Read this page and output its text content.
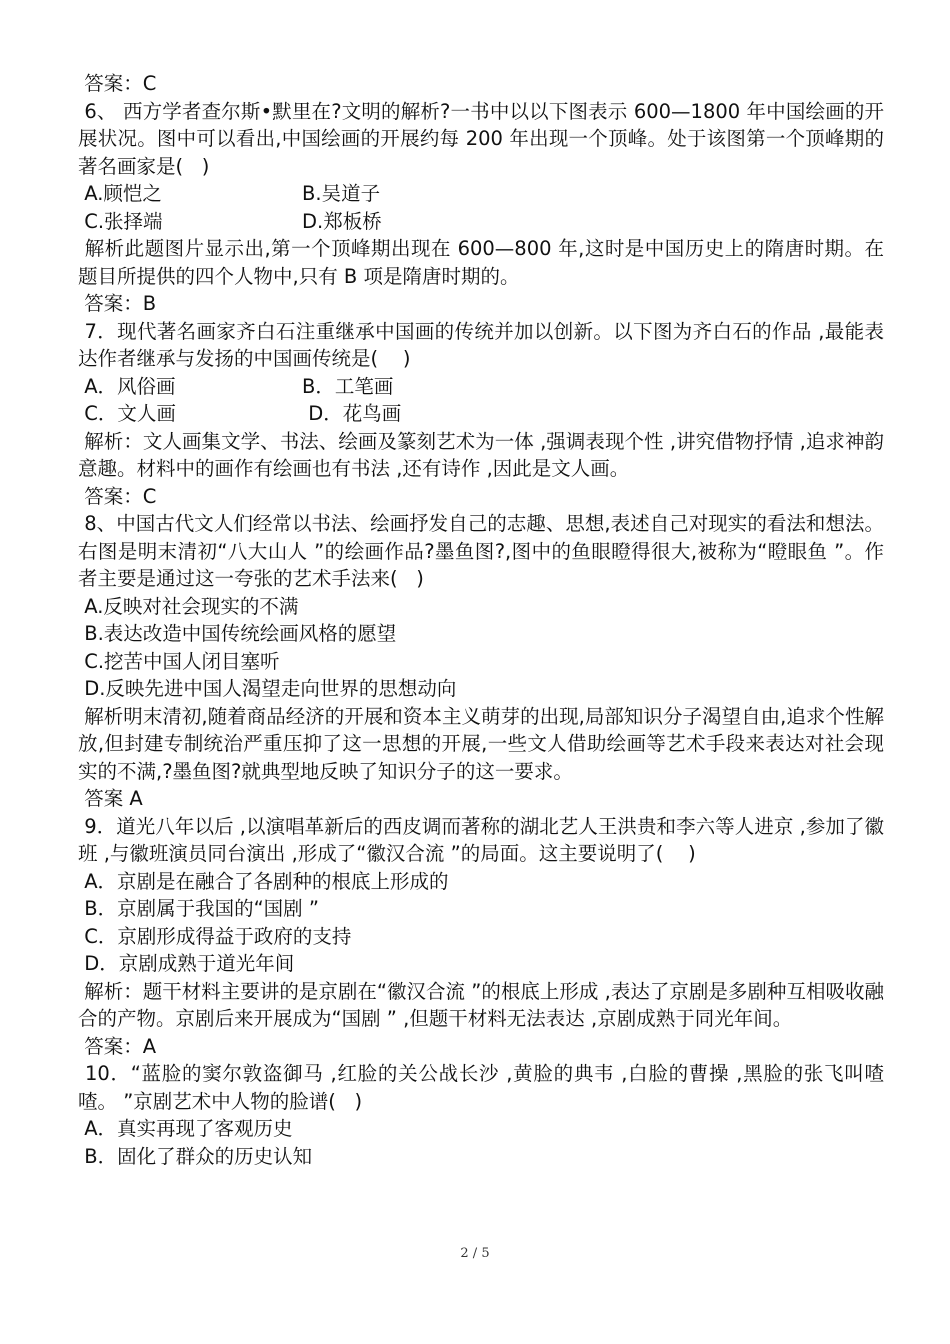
答案：C

6、 西方学者查尔斯•默里在?文明的解析?一书中以以下图表示 600—1800 年中国绘画的开展状况。图中可以看出,中国绘画的开展约每 200 年出现一个顶峰。处于该图第一个顶峰期的著名画家是(   )

A.顾恺之	B.吴道子
C.张择端	D.郑板桥

解析此题图片显示出,第一个顶峰期出现在 600—800 年,这时是中国历史上的隋唐时期。在题目所提供的四个人物中,只有 B 项是隋唐时期的。

答案：B

7．现代著名画家齐白石注重继承中国画的传统并加以创新。以下图为齐白石的作品 ,最能表达作者继承与发扬的中国画传统是(    )

A．风俗画	B．工笔画
C．文人画	D．花鸟画

解析：文人画集文学、书法、绘画及篆刻艺术为一体 ,强调表现个性 ,讲究借物抒情 ,追求神韵意趣。材料中的画作有绘画也有书法 ,还有诗作 ,因此是文人画。

答案：C

8、中国古代文人们经常以书法、绘画抒发自己的志趣、思想,表述自己对现实的看法和想法。右图是明末清初“八大山人 ”的绘画作品?墨鱼图?,图中的鱼眼瞪得很大,被称为“瞪眼鱼 ”。作者主要是通过这一夸张的艺术手法来(   )

A.反映对社会现实的不满

B.表达改造中国传统绘画风格的愿望

C.挖苦中国人闭目塞听

D.反映先进中国人渴望走向世界的思想动向

解析明末清初,随着商品经济的开展和资本主义萌芽的出现,局部知识分子渴望自由,追求个性解放,但封建专制统治严重压抑了这一思想的开展,一些文人借助绘画等艺术手段来表达对社会现实的不满,?墨鱼图?就典型地反映了知识分子的这一要求。

答案 A

9．道光八年以后 ,以演唱革新后的西皮调而著称的湖北艺人王洪贵和李六等人进京 ,参加了徽班 ,与徽班演员同台演出 ,形成了“徽汉合流 ”的局面。这主要说明了(    )

A．京剧是在融合了各剧种的根底上形成的

B．京剧属于我国的“国剧 ”

C．京剧形成得益于政府的支持

D．京剧成熟于道光年间

解析：题干材料主要讲的是京剧在“徽汉合流 ”的根底上形成 ,表达了京剧是多剧种互相吸收融合的产物。京剧后来开展成为“国剧 ” ,但题干材料无法表达 ,京剧成熟于同光年间。

答案：A

10．“蓝脸的窦尔敦盗御马 ,红脸的关公战长沙 ,黄脸的典韦 ,白脸的曹操 ,黑脸的张飞叫喳喳。 ”京剧艺术中人物的脸谱(   )

A．真实再现了客观历史

B．固化了群众的历史认知

2 / 5
